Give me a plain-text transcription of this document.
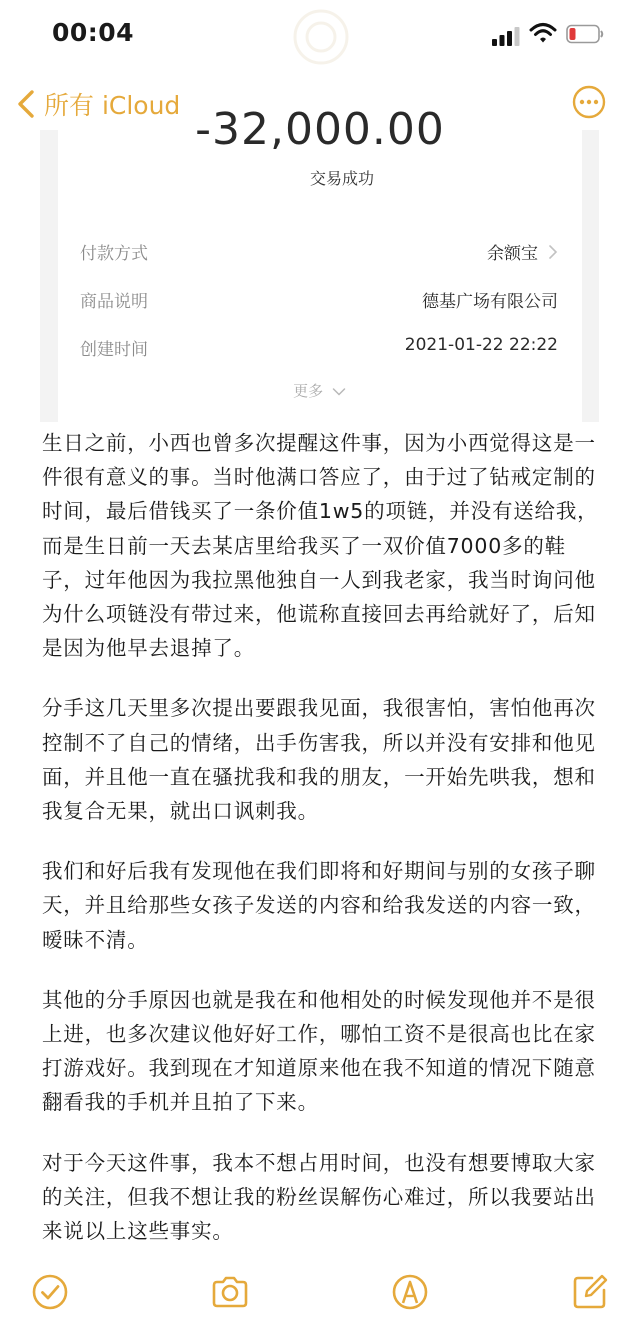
00:04
所有 iCloud -32,000.00
交易成功
付款方式	余额宝
商品说明	德基广场有限公司
创建时间	2021-01-22 22:22
更多

生日之前，小西也曾多次提醒这件事，因为小西觉得这是一件很有意义的事。当时他满口答应了，由于过了钻戒定制的时间，最后借钱买了一条价值1w5的项链，并没有送给我，而是生日前一天去某店里给我买了一双价值7000多的鞋子，过年他因为我拉黑他独自一人到我老家，我当时询问他为什么项链没有带过来，他谎称直接回去再给就好了，后知是因为他早去退掉了。

分手这几天里多次提出要跟我见面，我很害怕，害怕他再次控制不了自己的情绪，出手伤害我，所以并没有安排和他见面，并且他一直在骚扰我和我的朋友，一开始先哄我，想和我复合无果，就出口讽刺我。

我们和好后我有发现他在我们即将和好期间与别的女孩子聊天，并且给那些女孩子发送的内容和给我发送的内容一致，暧昧不清。

其他的分手原因也就是我在和他相处的时候发现他并不是很上进，也多次建议他好好工作，哪怕工资不是很高也比在家打游戏好。我到现在才知道原来他在我不知道的情况下随意翻看我的手机并且拍了下来。

对于今天这件事，我本不想占用时间，也没有想要博取大家的关注，但我不想让我的粉丝误解伤心难过，所以我要站出来说以上这些事实。
